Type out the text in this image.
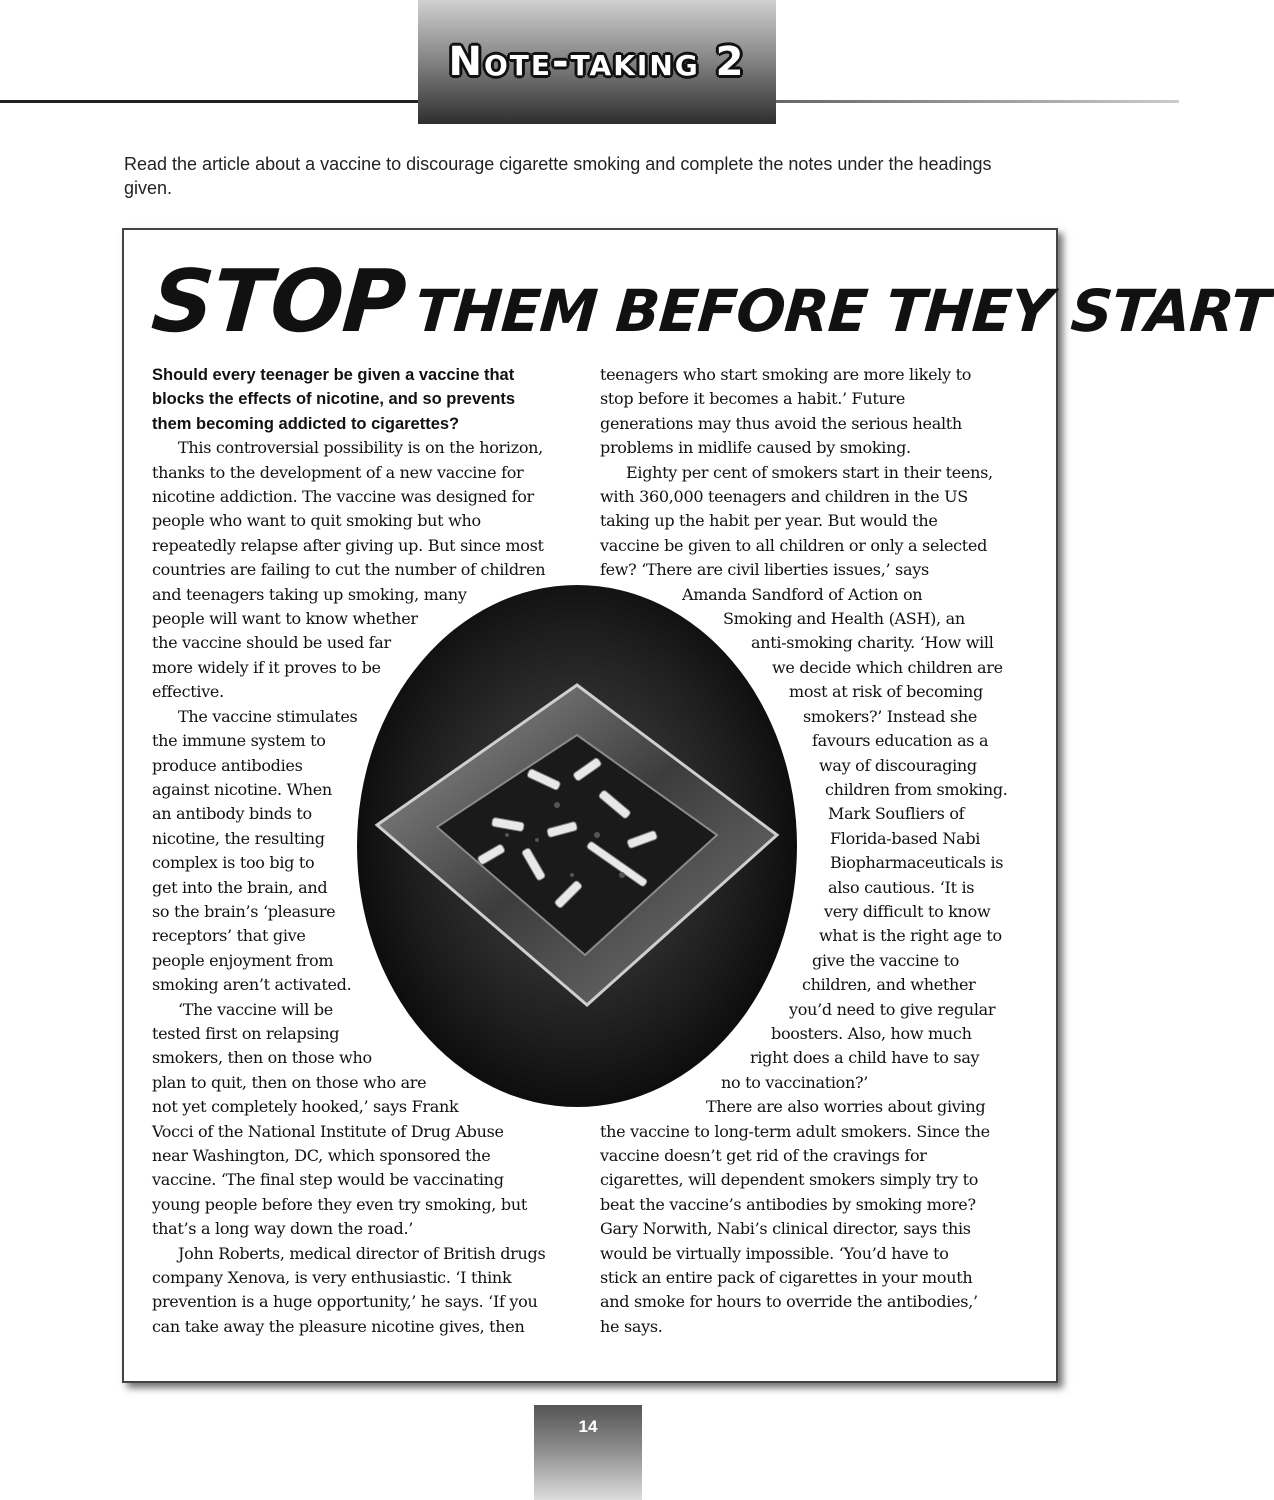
Note-taking 2

Read the article about a vaccine to discourage cigarette smoking and complete the notes under the headings given.

STOP THEM BEFORE THEY START
Should every teenager be given a vaccine that
blocks the effects of nicotine, and so prevents
them becoming addicted to cigarettes?
This controversial possibility is on the horizon,
thanks to the development of a new vaccine for
nicotine addiction. The vaccine was designed for
people who want to quit smoking but who
repeatedly relapse after giving up. But since most
countries are failing to cut the number of children
and teenagers taking up smoking, many
people will want to know whether
the vaccine should be used far
more widely if it proves to be
effective.
The vaccine stimulates
the immune system to
produce antibodies
against nicotine. When
an antibody binds to
nicotine, the resulting
complex is too big to
get into the brain, and
so the brain’s ‘pleasure
receptors’ that give
people enjoyment from
smoking aren’t activated.
‘The vaccine will be
tested first on relapsing
smokers, then on those who
plan to quit, then on those who are
not yet completely hooked,’ says Frank
Vocci of the National Institute of Drug Abuse
near Washington, DC, which sponsored the
vaccine. ‘The final step would be vaccinating
young people before they even try smoking, but
that’s a long way down the road.’
John Roberts, medical director of British drugs
company Xenova, is very enthusiastic. ‘I think
prevention is a huge opportunity,’ he says. ‘If you
can take away the pleasure nicotine gives, then
teenagers who start smoking are more likely to
stop before it becomes a habit.’ Future
generations may thus avoid the serious health
problems in midlife caused by smoking.
Eighty per cent of smokers start in their teens,
with 360,000 teenagers and children in the US
taking up the habit per year. But would the
vaccine be given to all children or only a selected
few? ‘There are civil liberties issues,’ says
Amanda Sandford of Action on
Smoking and Health (ASH), an
anti-smoking charity. ‘How will
we decide which children are
most at risk of becoming
smokers?’ Instead she
favours education as a
way of discouraging
children from smoking.
Mark Soufliers of
Florida-based Nabi
Biopharmaceuticals is
also cautious. ‘It is
very difficult to know
what is the right age to
give the vaccine to
children, and whether
you’d need to give regular
boosters. Also, how much
right does a child have to say
no to vaccination?’
There are also worries about giving
the vaccine to long-term adult smokers. Since the
vaccine doesn’t get rid of the cravings for
cigarettes, will dependent smokers simply try to
beat the vaccine’s antibodies by smoking more?
Gary Norwith, Nabi’s clinical director, says this
would be virtually impossible. ‘You’d have to
stick an entire pack of cigarettes in your mouth
and smoke for hours to override the antibodies,’
he says.
14
